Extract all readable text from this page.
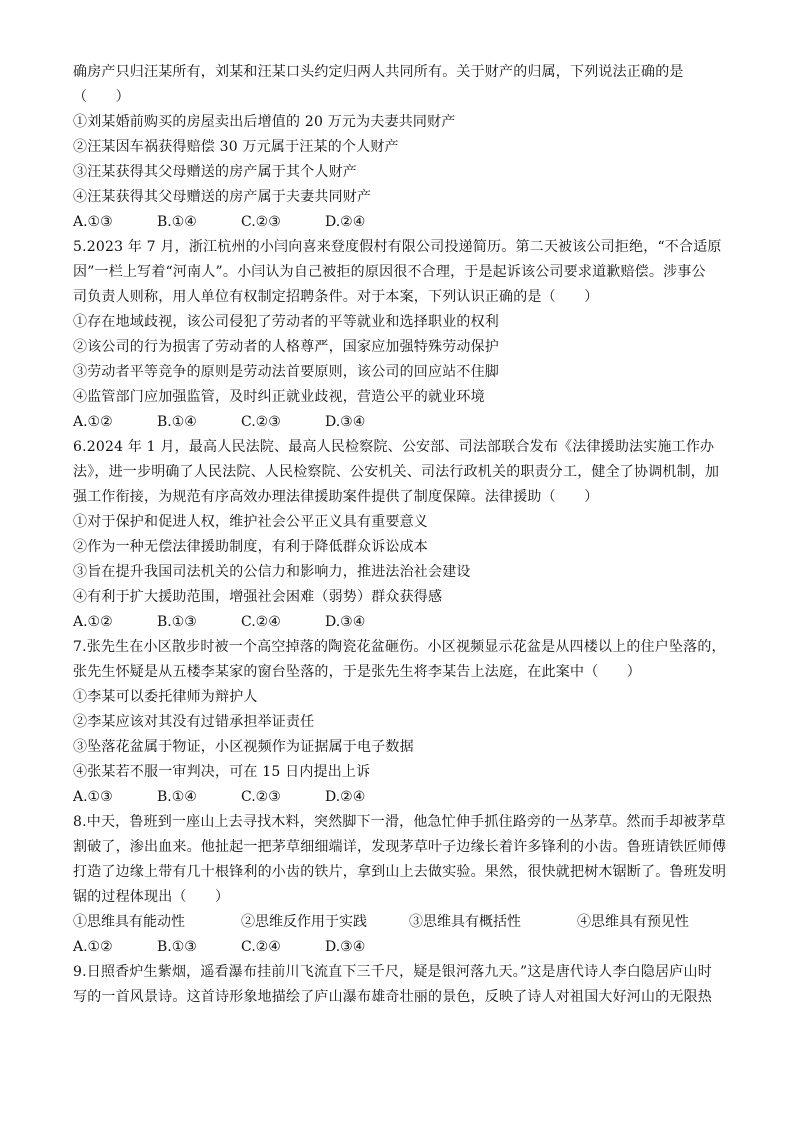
确房产只归汪某所有，刘某和汪某口头约定归两人共同所有。关于财产的归属，下列说法正确的是
（　　）
①刘某婚前购买的房屋卖出后增值的 20 万元为夫妻共同财产
②汪某因车祸获得赔偿 30 万元属于汪某的个人财产
③汪某获得其父母赠送的房产属于其个人财产
④汪某获得其父母赠送的房产属于夫妻共同财产
A.①③	B.①④	C.②③	D.②④
5.2023 年 7 月，浙江杭州的小闫向喜来登度假村有限公司投递简历。第二天被该公司拒绝，“不合适原
因”一栏上写着“河南人”。小闫认为自己被拒的原因很不合理，于是起诉该公司要求道歉赔偿。涉事公
司负责人则称，用人单位有权制定招聘条件。对于本案，下列认识正确的是（　　）
①存在地域歧视，该公司侵犯了劳动者的平等就业和选择职业的权利
②该公司的行为损害了劳动者的人格尊严，国家应加强特殊劳动保护
③劳动者平等竞争的原则是劳动法首要原则，该公司的回应站不住脚
④监管部门应加强监管，及时纠正就业歧视，营造公平的就业环境
A.①②	B.①④	C.②③	D.③④
6.2024 年 1 月，最高人民法院、最高人民检察院、公安部、司法部联合发布《法律援助法实施工作办
法》，进一步明确了人民法院、人民检察院、公安机关、司法行政机关的职责分工，健全了协调机制，加
强工作衔接，为规范有序高效办理法律援助案件提供了制度保障。法律援助（　　）
①对于保护和促进人权，维护社会公平正义具有重要意义
②作为一种无偿法律援助制度，有利于降低群众诉讼成本
③旨在提升我国司法机关的公信力和影响力，推进法治社会建设
④有利于扩大援助范围，增强社会困难（弱势）群众获得感
A.①②	B.①③	C.②④	D.③④
7.张先生在小区散步时被一个高空掉落的陶瓷花盆砸伤。小区视频显示花盆是从四楼以上的住户坠落的，
张先生怀疑是从五楼李某家的窗台坠落的，于是张先生将李某告上法庭，在此案中（　　）
①李某可以委托律师为辩护人
②李某应该对其没有过错承担举证责任
③坠落花盆属于物证，小区视频作为证据属于电子数据
④张某若不服一审判决，可在 15 日内提出上诉
A.①③	B.①④	C.②③	D.②④
8.中天，鲁班到一座山上去寻找木料，突然脚下一滑，他急忙伸手抓住路旁的一丛茅草。然而手却被茅草
割破了，渗出血来。他扯起一把茅草细细端详，发现茅草叶子边缘长着许多锋利的小齿。鲁班请铁匠师傅
打造了边缘上带有几十根锋利的小齿的铁片，拿到山上去做实验。果然，很快就把树木锯断了。鲁班发明
锯的过程体现出（　　）
①思维具有能动性	②思维反作用于实践	③思维具有概括性	④思维具有预见性
A.①②	B.①③	C.②④	D.③④
9.日照香炉生紫烟，遥看瀑布挂前川飞流直下三千尺，疑是银河落九天。”这是唐代诗人李白隐居庐山时
写的一首风景诗。这首诗形象地描绘了庐山瀑布雄奇壮丽的景色，反映了诗人对祖国大好河山的无限热
